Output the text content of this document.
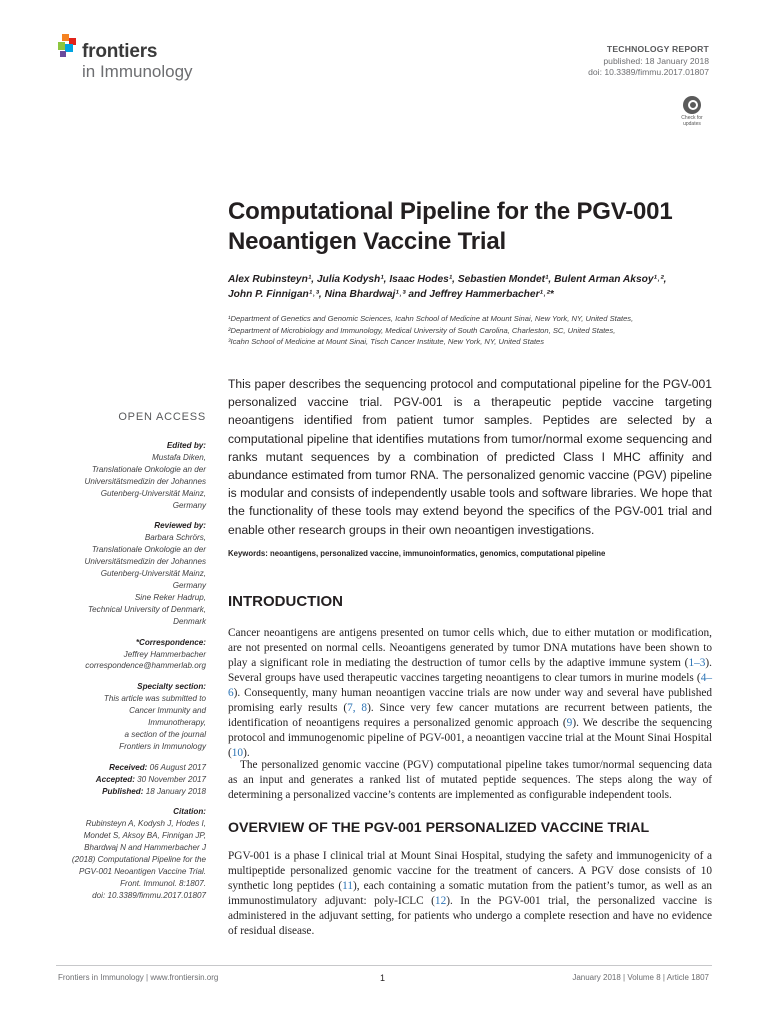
frontiers
in Immunology
TECHNOLOGY REPORT
published: 18 January 2018
doi: 10.3389/fimmu.2017.01807
Check for
updates
Computational Pipeline for the PGV-001 Neoantigen Vaccine Trial
Alex Rubinsteyn¹, Julia Kodysh¹, Isaac Hodes¹, Sebastien Mondet¹, Bulent Arman Aksoy¹˒²,
John P. Finnigan¹˒³, Nina Bhardwaj¹˒³ and Jeffrey Hammerbacher¹˒²*
¹Department of Genetics and Genomic Sciences, Icahn School of Medicine at Mount Sinai, New York, NY, United States,
²Department of Microbiology and Immunology, Medical University of South Carolina, Charleston, SC, United States,
³Icahn School of Medicine at Mount Sinai, Tisch Cancer Institute, New York, NY, United States
This paper describes the sequencing protocol and computational pipeline for the PGV-001 personalized vaccine trial. PGV-001 is a therapeutic peptide vaccine targeting neoantigens identified from patient tumor samples. Peptides are selected by a computational pipeline that identifies mutations from tumor/normal exome sequencing and ranks mutant sequences by a combination of predicted Class I MHC affinity and abundance estimated from tumor RNA. The personalized genomic vaccine (PGV) pipeline is modular and consists of independently usable tools and software libraries. We hope that the functionality of these tools may extend beyond the specifics of the PGV-001 trial and enable other research groups in their own neoantigen investigations.
Keywords: neoantigens, personalized vaccine, immunoinformatics, genomics, computational pipeline
OPEN ACCESS
Edited by:
Mustafa Diken,
Translationale Onkologie an der
Universitätsmedizin der Johannes
Gutenberg-Universität Mainz,
Germany
Reviewed by:
Barbara Schrörs,
Translationale Onkologie an der
Universitätsmedizin der Johannes
Gutenberg-Universität Mainz,
Germany
Sine Reker Hadrup,
Technical University of Denmark,
Denmark
*Correspondence:
Jeffrey Hammerbacher
correspondence@hammerlab.org
Specialty section:
This article was submitted to
Cancer Immunity and
Immunotherapy,
a section of the journal
Frontiers in Immunology
Received: 06 August 2017
Accepted: 30 November 2017
Published: 18 January 2018
Citation:
Rubinsteyn A, Kodysh J, Hodes I,
Mondet S, Aksoy BA, Finnigan JP,
Bhardwaj N and Hammerbacher J
(2018) Computational Pipeline for the
PGV-001 Neoantigen Vaccine Trial.
Front. Immunol. 8:1807.
doi: 10.3389/fimmu.2017.01807
INTRODUCTION
Cancer neoantigens are antigens presented on tumor cells which, due to either mutation or modification, are not presented on normal cells. Neoantigens generated by tumor DNA mutations have been shown to play a significant role in mediating the destruction of tumor cells by the adaptive immune system (1–3). Several groups have used therapeutic vaccines targeting neoantigens to clear tumors in murine models (4–6). Consequently, many human neoantigen vaccine trials are now under way and several have published promising early results (7, 8). Since very few cancer mutations are recurrent between patients, the identification of neoantigens requires a personalized genomic approach (9). We describe the sequencing protocol and immunogenomic pipeline of PGV-001, a neoantigen vaccine trial at the Mount Sinai Hospital (10).
The personalized genomic vaccine (PGV) computational pipeline takes tumor/normal sequencing data as an input and generates a ranked list of mutated peptide sequences. The steps along the way of determining a personalized vaccine’s contents are implemented as configurable independent tools.
OVERVIEW OF THE PGV-001 PERSONALIZED VACCINE TRIAL
PGV-001 is a phase I clinical trial at Mount Sinai Hospital, studying the safety and immunogenicity of a multipeptide personalized genomic vaccine for the treatment of cancers. A PGV dose consists of 10 synthetic long peptides (11), each containing a somatic mutation from the patient’s tumor, as well as an immunostimulatory adjuvant: poly-ICLC (12). In the PGV-001 trial, the personalized vaccine is administered in the adjuvant setting, for patients who undergo a complete resection and have no evidence of residual disease.
Frontiers in Immunology | www.frontiersin.org	1	January 2018 | Volume 8 | Article 1807
